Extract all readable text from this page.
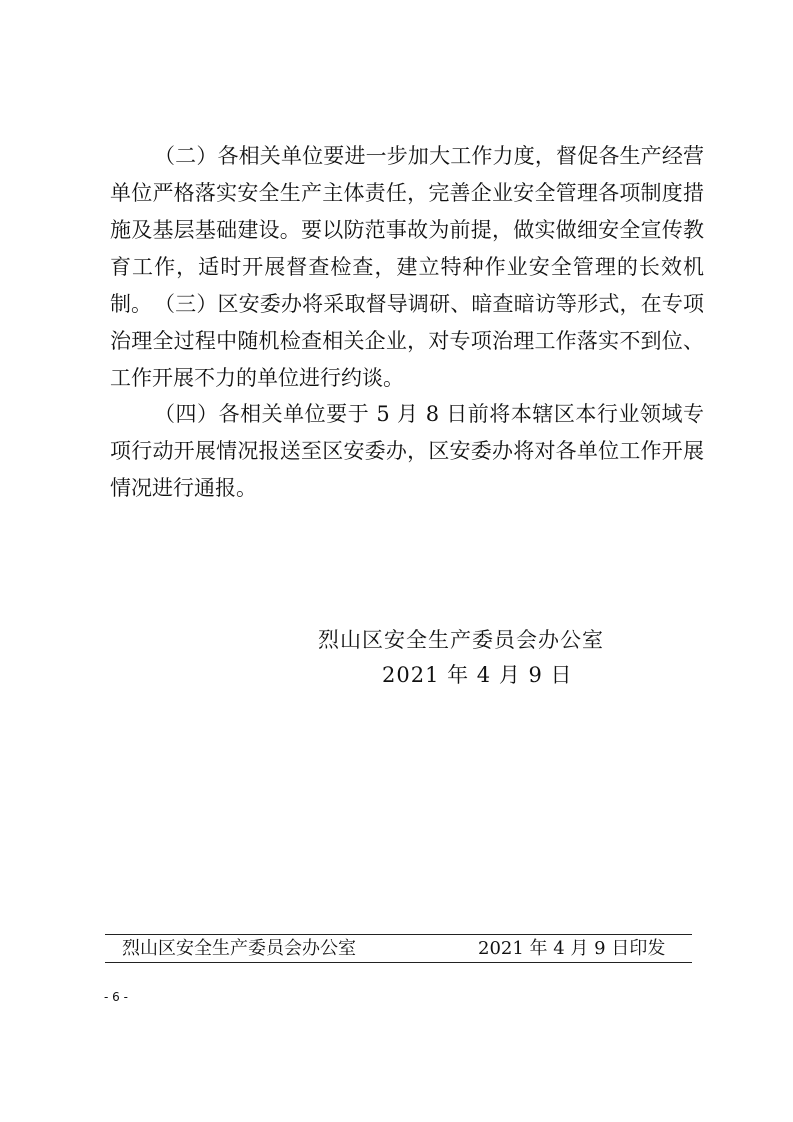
（二）各相关单位要进一步加大工作力度，督促各生产经营单位严格落实安全生产主体责任，完善企业安全管理各项制度措施及基层基础建设。要以防范事故为前提，做实做细安全宣传教育工作，适时开展督查检查，建立特种作业安全管理的长效机制。 （三）区安委办将采取督导调研、暗查暗访等形式，在专项治理全过程中随机检查相关企业，对专项治理工作落实不到位、工作开展不力的单位进行约谈。

（四）各相关单位要于 5 月 8 日前将本辖区本行业领域专项行动开展情况报送至区安委办，区安委办将对各单位工作开展情况进行通报。

烈山区安全生产委员会办公室
2021 年 4 月 9 日
烈山区安全生产委员会办公室	2021 年 4 月 9 日印发
- 6 -
